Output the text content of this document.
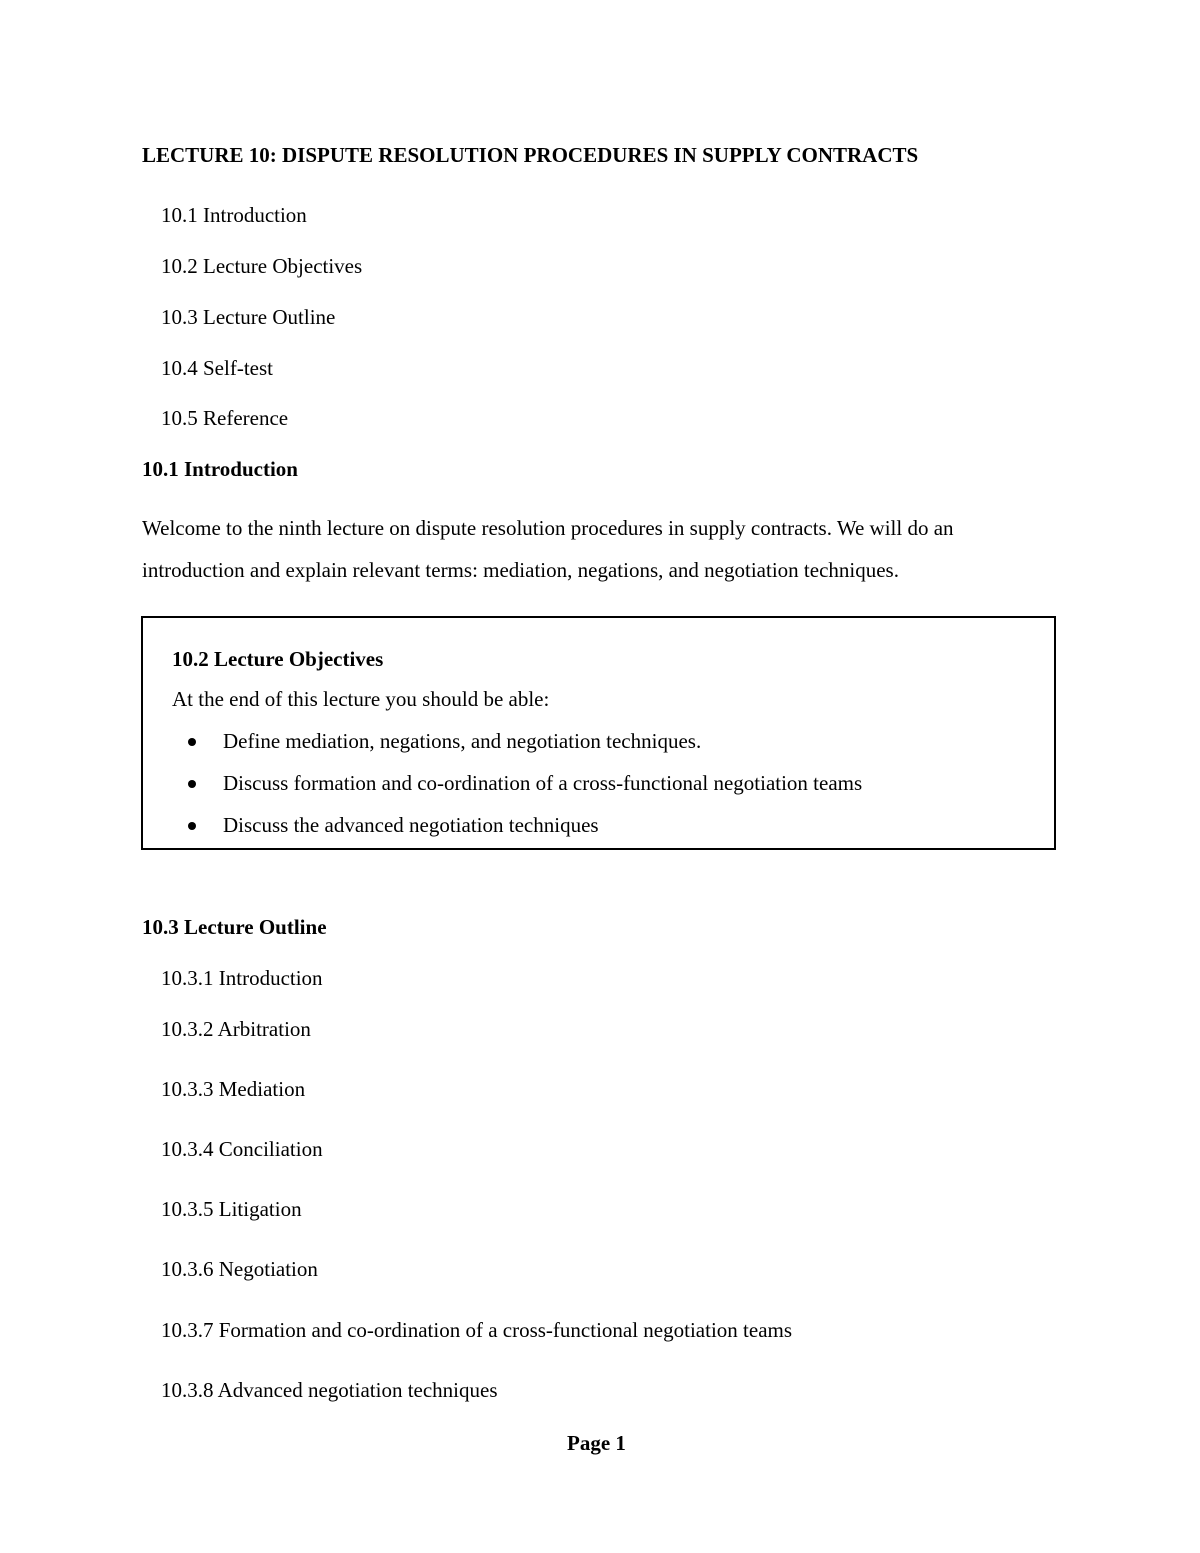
LECTURE 10: DISPUTE RESOLUTION PROCEDURES IN SUPPLY CONTRACTS
10.1 Introduction
10.2 Lecture Objectives
10.3 Lecture Outline
10.4 Self-test
10.5 Reference
10.1 Introduction
Welcome to the ninth lecture on dispute resolution procedures in supply contracts. We will do an
introduction and explain relevant terms: mediation, negations, and negotiation techniques.
10.2 Lecture Objectives
At the end of this lecture you should be able:
Define mediation, negations, and negotiation techniques.
Discuss formation and co-ordination of a cross-functional negotiation teams
Discuss the advanced negotiation techniques
10.3 Lecture Outline
10.3.1 Introduction
10.3.2 Arbitration
10.3.3 Mediation
10.3.4 Conciliation
10.3.5 Litigation
10.3.6 Negotiation
10.3.7 Formation and co-ordination of a cross-functional negotiation teams
10.3.8 Advanced negotiation techniques
Page 1
